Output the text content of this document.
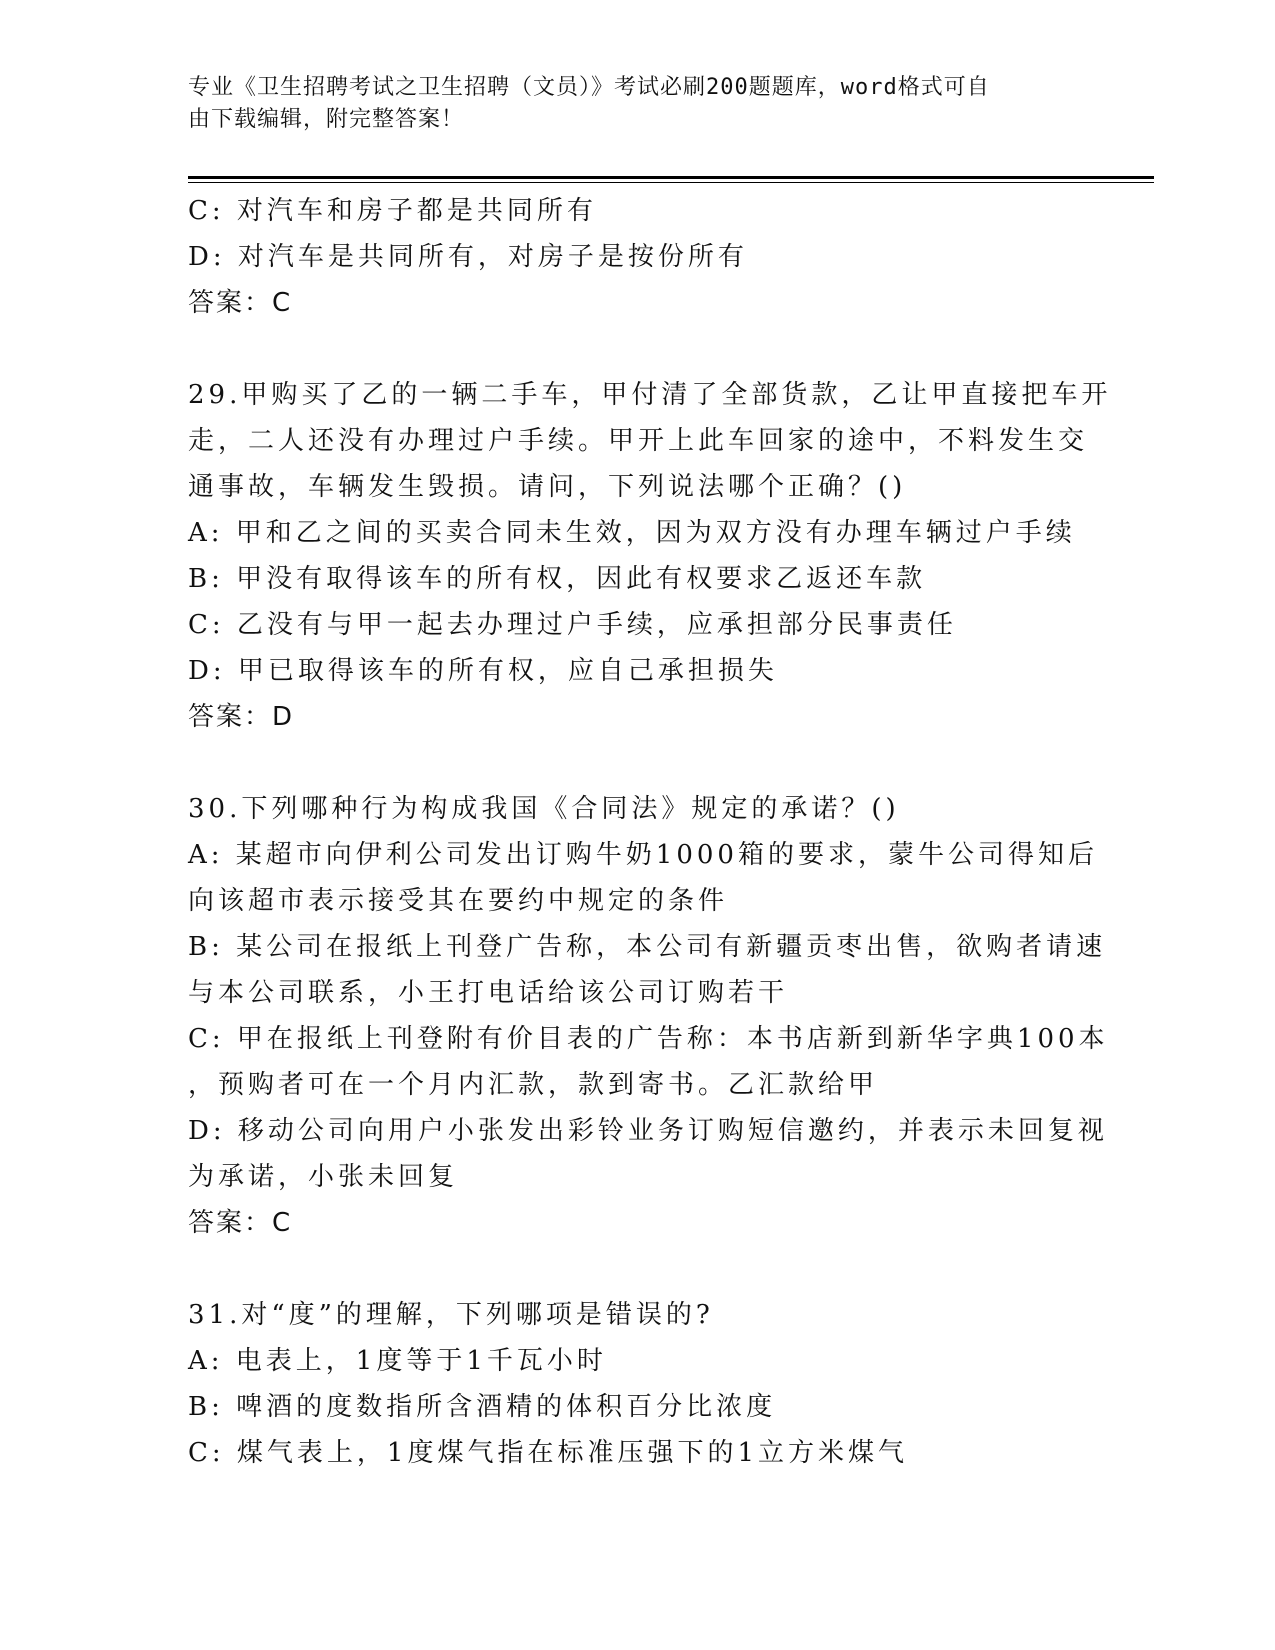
专业《卫生招聘考试之卫生招聘（文员）》考试必刷200题题库，word格式可自
由下载编辑，附完整答案！
C: 对汽车和房子都是共同所有
D: 对汽车是共同所有，对房子是按份所有
答案：C
29.甲购买了乙的一辆二手车，甲付清了全部货款，乙让甲直接把车开
走，二人还没有办理过户手续。甲开上此车回家的途中，不料发生交
通事故，车辆发生毁损。请问，下列说法哪个正确？()
A: 甲和乙之间的买卖合同未生效，因为双方没有办理车辆过户手续
B: 甲没有取得该车的所有权，因此有权要求乙返还车款
C: 乙没有与甲一起去办理过户手续，应承担部分民事责任
D: 甲已取得该车的所有权，应自己承担损失
答案：D
30.下列哪种行为构成我国《合同法》规定的承诺？()
A: 某超市向伊利公司发出订购牛奶1000箱的要求，蒙牛公司得知后
向该超市表示接受其在要约中规定的条件
B: 某公司在报纸上刊登广告称，本公司有新疆贡枣出售，欲购者请速
与本公司联系，小王打电话给该公司订购若干
C: 甲在报纸上刊登附有价目表的广告称：本书店新到新华字典100本
，预购者可在一个月内汇款，款到寄书。乙汇款给甲
D: 移动公司向用户小张发出彩铃业务订购短信邀约，并表示未回复视
为承诺，小张未回复
答案：C
31.对“度”的理解，下列哪项是错误的?
A: 电表上，1度等于1千瓦小时
B: 啤酒的度数指所含酒精的体积百分比浓度
C: 煤气表上，1度煤气指在标准压强下的1立方米煤气
